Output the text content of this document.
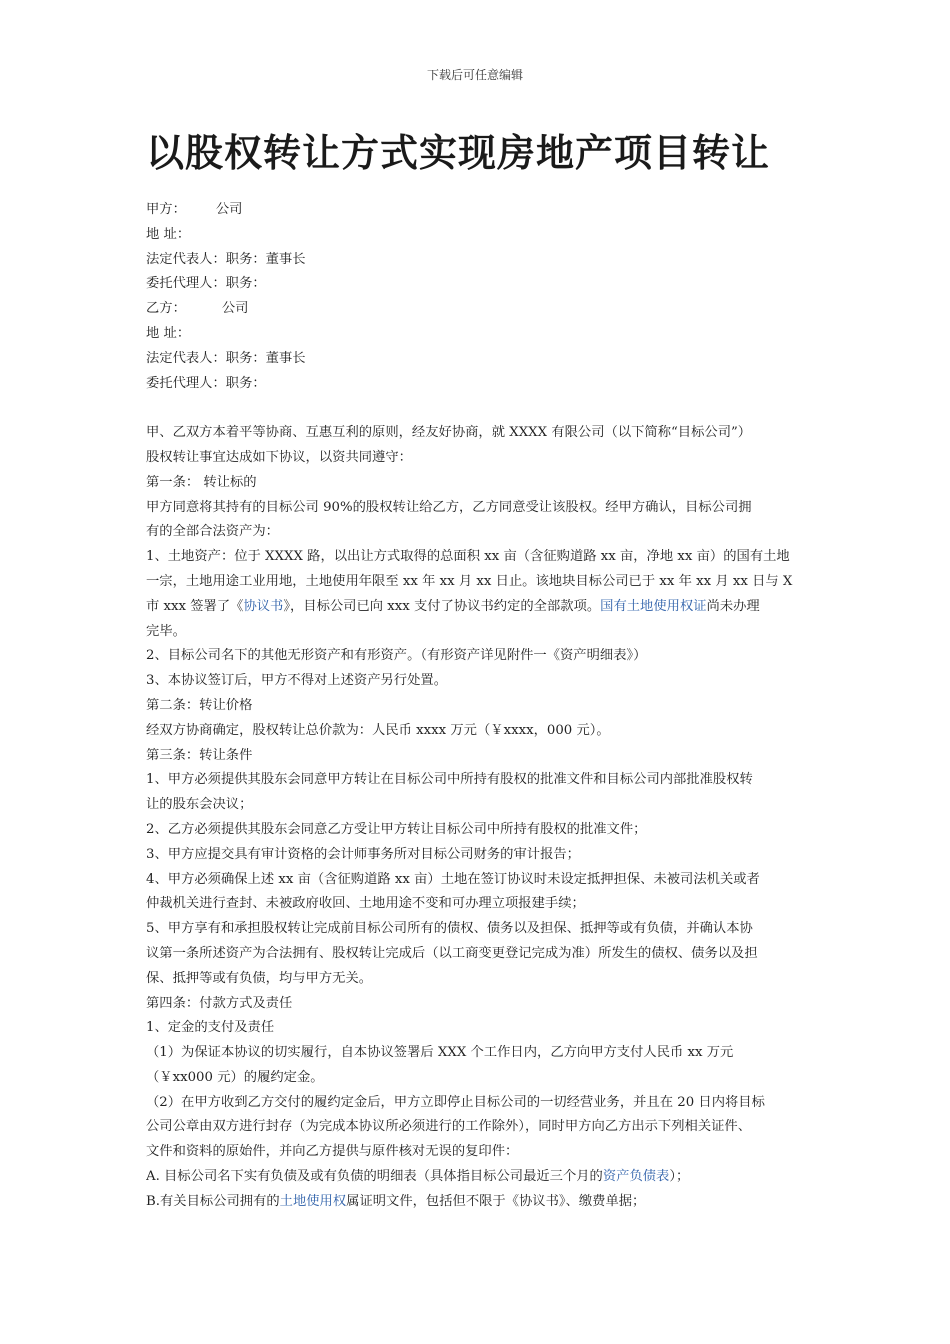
下载后可任意编辑
以股权转让方式实现房地产项目转让
甲方： 公司
地 址：
法定代表人：职务：董事长
委托代理人：职务：
乙方：	公司
地 址：
法定代表人：职务：董事长
委托代理人：职务：
甲、乙双方本着平等协商、互惠互利的原则，经友好协商，就 XXXX 有限公司（以下简称“目标公司”）
股权转让事宜达成如下协议，以资共同遵守：
第一条： 转让标的
甲方同意将其持有的目标公司 90%的股权转让给乙方，乙方同意受让该股权。经甲方确认，目标公司拥
有的全部合法资产为：
1、土地资产：位于 XXXX 路，以出让方式取得的总面积 xx 亩（含征购道路 xx 亩，净地 xx 亩）的国有土地
一宗，土地用途工业用地，土地使用年限至 xx 年 xx 月 xx 日止。该地块目标公司已于 xx 年 xx 月 xx 日与 X
市 xxx 签署了《协议书》，目标公司已向 xxx 支付了协议书约定的全部款项。国有土地使用权证尚未办理
完毕。
2、目标公司名下的其他无形资产和有形资产。（有形资产详见附件一《资产明细表》）
3、本协议签订后，甲方不得对上述资产另行处置。
第二条：转让价格
经双方协商确定，股权转让总价款为：人民币 xxxx 万元（￥xxxx，000 元）。
第三条：转让条件
1、甲方必须提供其股东会同意甲方转让在目标公司中所持有股权的批准文件和目标公司内部批准股权转
让的股东会决议；
2、乙方必须提供其股东会同意乙方受让甲方转让目标公司中所持有股权的批准文件；
3、甲方应提交具有审计资格的会计师事务所对目标公司财务的审计报告；
4、甲方必须确保上述 xx 亩（含征购道路 xx 亩）土地在签订协议时未设定抵押担保、未被司法机关或者
仲裁机关进行查封、未被政府收回、土地用途不变和可办理立项报建手续；
5、甲方享有和承担股权转让完成前目标公司所有的债权、债务以及担保、抵押等或有负债，并确认本协
议第一条所述资产为合法拥有、股权转让完成后（以工商变更登记完成为准）所发生的债权、债务以及担
保、抵押等或有负债，均与甲方无关。
第四条：付款方式及责任
1、定金的支付及责任
（1）为保证本协议的切实履行，自本协议签署后 XXX 个工作日内，乙方向甲方支付人民币 xx 万元
（￥xx000 元）的履约定金。
（2）在甲方收到乙方交付的履约定金后，甲方立即停止目标公司的一切经营业务，并且在 20 日内将目标
公司公章由双方进行封存（为完成本协议所必须进行的工作除外），同时甲方向乙方出示下列相关证件、
文件和资料的原始件，并向乙方提供与原件核对无误的复印件：
A. 目标公司名下实有负债及或有负债的明细表（具体指目标公司最近三个月的资产负债表）；
B.有关目标公司拥有的土地使用权属证明文件，包括但不限于《协议书》、缴费单据；
